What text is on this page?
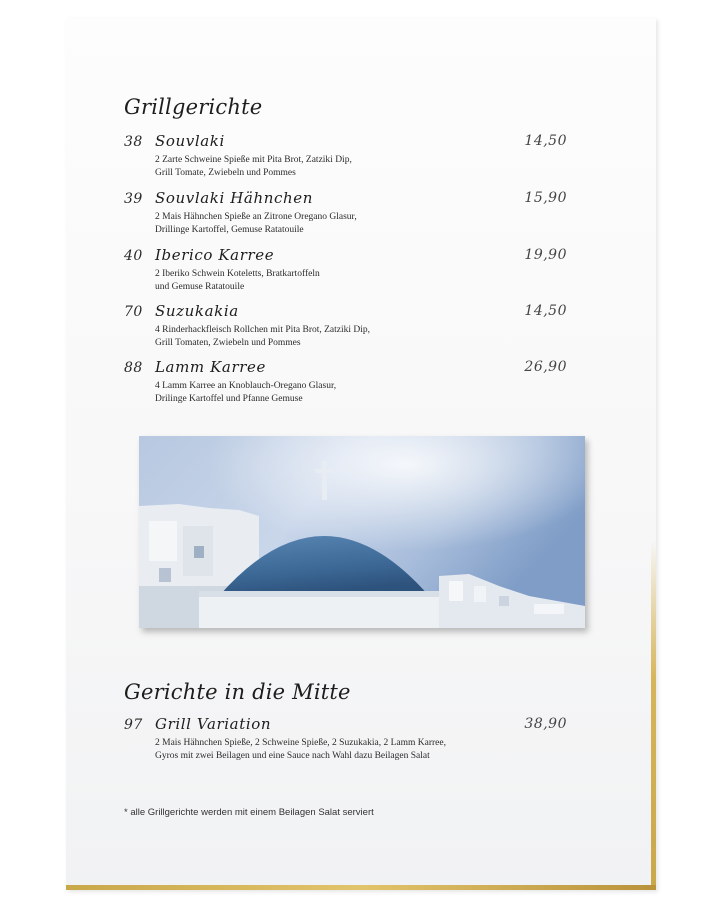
Grillgerichte
38 Souvlaki	14,50
2 Zarte Schweine Spieße mit Pita Brot, Zatziki Dip,
Grill Tomate, Zwiebeln und Pommes
39 Souvlaki Hähnchen	15,90
2 Mais Hähnchen Spieße an Zitrone Oregano Glasur,
Drillinge Kartoffel, Gemuse Ratatouile
40 Iberico Karree	19,90
2 Iberiko Schwein Koteletts, Bratkartoffeln
und Gemuse Ratatouile
70 Suzukakia	14,50
4 Rinderhackfleisch Rollchen mit Pita Brot, Zatziki Dip,
Grill Tomaten, Zwiebeln und Pommes
88 Lamm Karree	26,90
4 Lamm Karree an Knoblauch-Oregano Glasur,
Drilinge Kartoffel und Pfanne Gemuse
Gerichte in die Mitte
97 Grill Variation	38,90
2 Mais Hähnchen Spieße, 2 Schweine Spieße, 2 Suzukakia, 2 Lamm Karree,
Gyros mit zwei Beilagen und eine Sauce nach Wahl dazu Beilagen Salat
* alle Grillgerichte werden mit einem Beilagen Salat serviert
